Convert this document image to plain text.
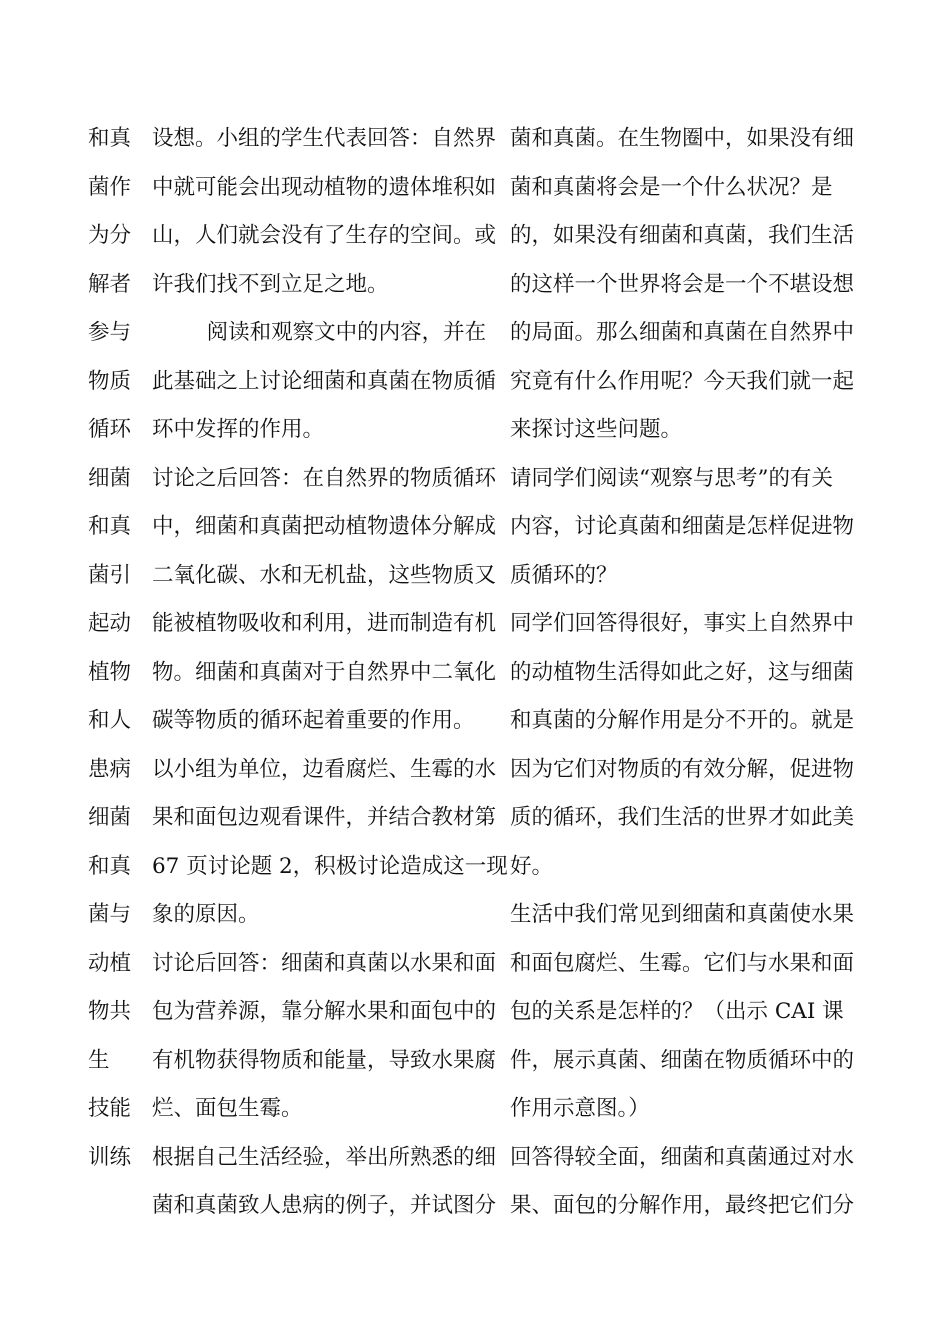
和真
菌作
为分
解者
参与
物质
循环
细菌
和真
菌引
起动
植物
和人
患病
细菌
和真
菌与
动植
物共
生
技能
训练
设想。小组的学生代表回答：自然界
中就可能会出现动植物的遗体堆积如
山，人们就会没有了生存的空间。或
许我们找不到立足之地。
阅读和观察文中的内容，并在
此基础之上讨论细菌和真菌在物质循
环中发挥的作用。
讨论之后回答：在自然界的物质循环
中，细菌和真菌把动植物遗体分解成
二氧化碳、水和无机盐，这些物质又
能被植物吸收和利用，进而制造有机
物。细菌和真菌对于自然界中二氧化
碳等物质的循环起着重要的作用。
以小组为单位，边看腐烂、生霉的水
果和面包边观看课件，并结合教材第
67 页讨论题 2，积极讨论造成这一现
象的原因。
讨论后回答：细菌和真菌以水果和面
包为营养源，靠分解水果和面包中的
有机物获得物质和能量，导致水果腐
烂、面包生霉。
根据自己生活经验，举出所熟悉的细
菌和真菌致人患病的例子，并试图分
菌和真菌。在生物圈中，如果没有细
菌和真菌将会是一个什么状况？是
的，如果没有细菌和真菌，我们生活
的这样一个世界将会是一个不堪设想
的局面。那么细菌和真菌在自然界中
究竟有什么作用呢？今天我们就一起
来探讨这些问题。
请同学们阅读“观察与思考”的有关
内容，讨论真菌和细菌是怎样促进物
质循环的？
同学们回答得很好，事实上自然界中
的动植物生活得如此之好，这与细菌
和真菌的分解作用是分不开的。就是
因为它们对物质的有效分解，促进物
质的循环，我们生活的世界才如此美
好。
生活中我们常见到细菌和真菌使水果
和面包腐烂、生霉。它们与水果和面
包的关系是怎样的？（出示 CAI 课
件，展示真菌、细菌在物质循环中的
作用示意图。）
回答得较全面，细菌和真菌通过对水
果、面包的分解作用，最终把它们分
